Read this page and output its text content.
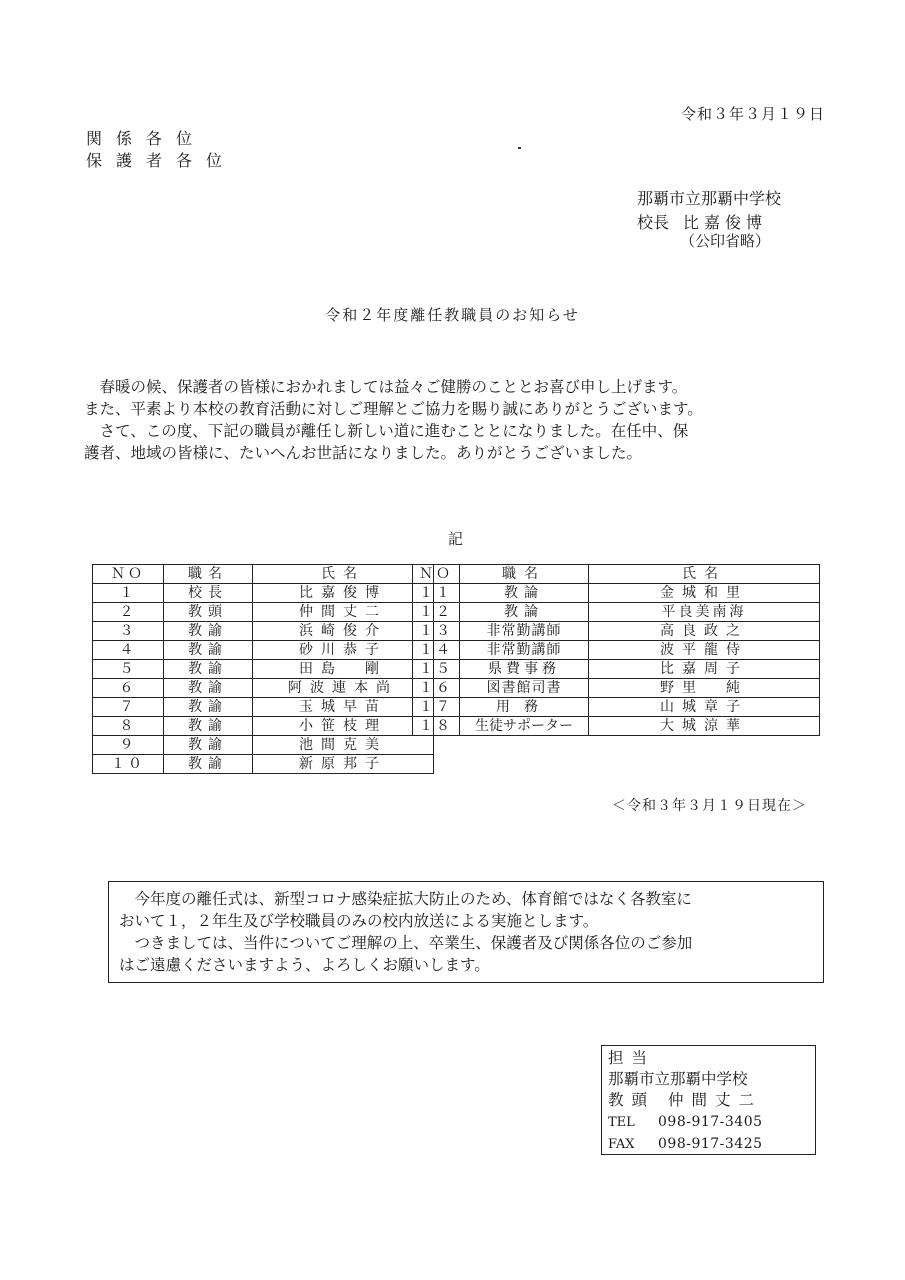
令和３年３月１９日
関係各位
保護者各位
那覇市立那覇中学校
校長 比嘉俊博
（公印省略）
令和２年度離任教職員のお知らせ

　春暖の候、保護者の皆様におかれましては益々ご健勝のこととお喜び申し上げます。

また、平素より本校の教育活動に対しご理解とご協力を賜り誠にありがとうございます。

　さて、この度、下記の職員が離任し新しい道に進むこととになりました。在任中、保

護者、地域の皆様に、たいへんお世話になりました。ありがとうございました。

記
ＮＯ	職名	氏名
１	校長	比嘉俊博
２	教頭	仲間丈二
３	教諭	浜崎俊介
４	教諭	砂川恭子
５	教諭	田島　剛
６	教諭	阿波連本尚
７	教諭	玉城早苗
８	教諭	小笹枝理
９	教諭	池間克美
１０	教諭	新原邦子
ＮＯ	職名	氏名
１１	教論	金城和里
１２	教論	平良美南海
１３	非常勤講師	高良政之
１４	非常勤講師	波平龍侍
１５	県費事務	比嘉周子
１６	図書館司書	野里　純
１７	用務	山城章子
１８	生徒サポーター	大城涼華
＜令和３年３月１９日現在＞

　今年度の離任式は、新型コロナ感染症拡大防止のため、体育館ではなく各教室に

おいて１，２年生及び学校職員のみの校内放送による実施とします。

　つきましては、当件についてご理解の上、卒業生、保護者及び関係各位のご参加

はご遠慮くださいますよう、よろしくお願いします。

担当
那覇市立那覇中学校
教頭 仲間丈二
TEL 098-917-3405
FAX 098-917-3425
